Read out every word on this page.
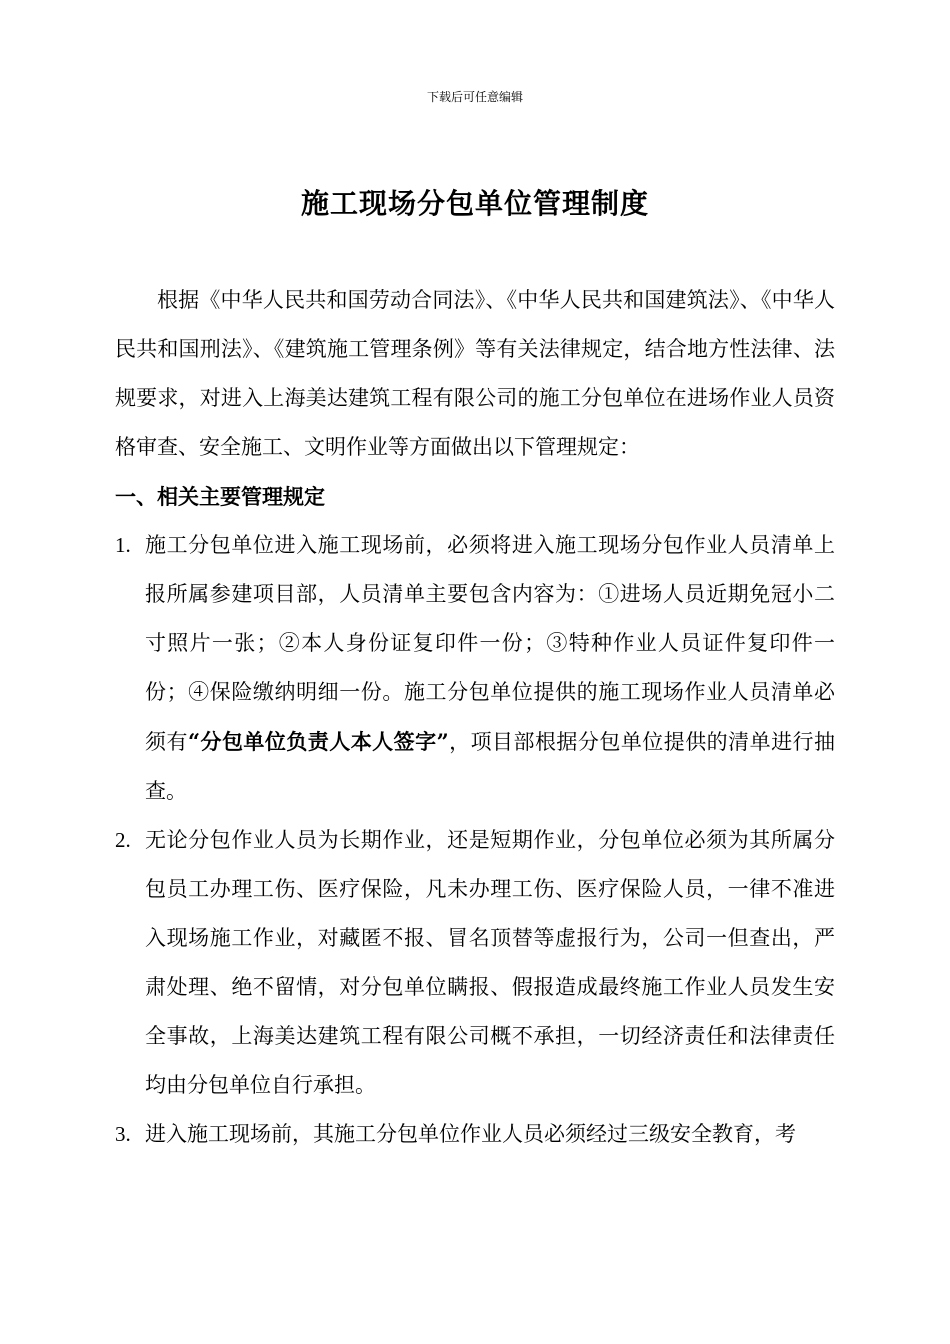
下载后可任意编辑
施工现场分包单位管理制度

根据《中华人民共和国劳动合同法》、《中华人民共和国建筑法》、《中华人民共和国刑法》、《建筑施工管理条例》等有关法律规定，结合地方性法律、法规要求，对进入上海美达建筑工程有限公司的施工分包单位在进场作业人员资格审查、安全施工、文明作业等方面做出以下管理规定：

一、相关主要管理规定

1. 施工分包单位进入施工现场前，必须将进入施工现场分包作业人员清单上报所属参建项目部，人员清单主要包含内容为：①进场人员近期免冠小二寸照片一张；②本人身份证复印件一份；③特种作业人员证件复印件一份；④保险缴纳明细一份。施工分包单位提供的施工现场作业人员清单必须有“分包单位负责人本人签字”，项目部根据分包单位提供的清单进行抽查。
2. 无论分包作业人员为长期作业，还是短期作业，分包单位必须为其所属分包员工办理工伤、医疗保险，凡未办理工伤、医疗保险人员，一律不准进入现场施工作业，对藏匿不报、冒名顶替等虚报行为，公司一但查出，严肃处理、绝不留情，对分包单位瞒报、假报造成最终施工作业人员发生安全事故，上海美达建筑工程有限公司概不承担，一切经济责任和法律责任均由分包单位自行承担。
3. 进入施工现场前，其施工分包单位作业人员必须经过三级安全教育，考
